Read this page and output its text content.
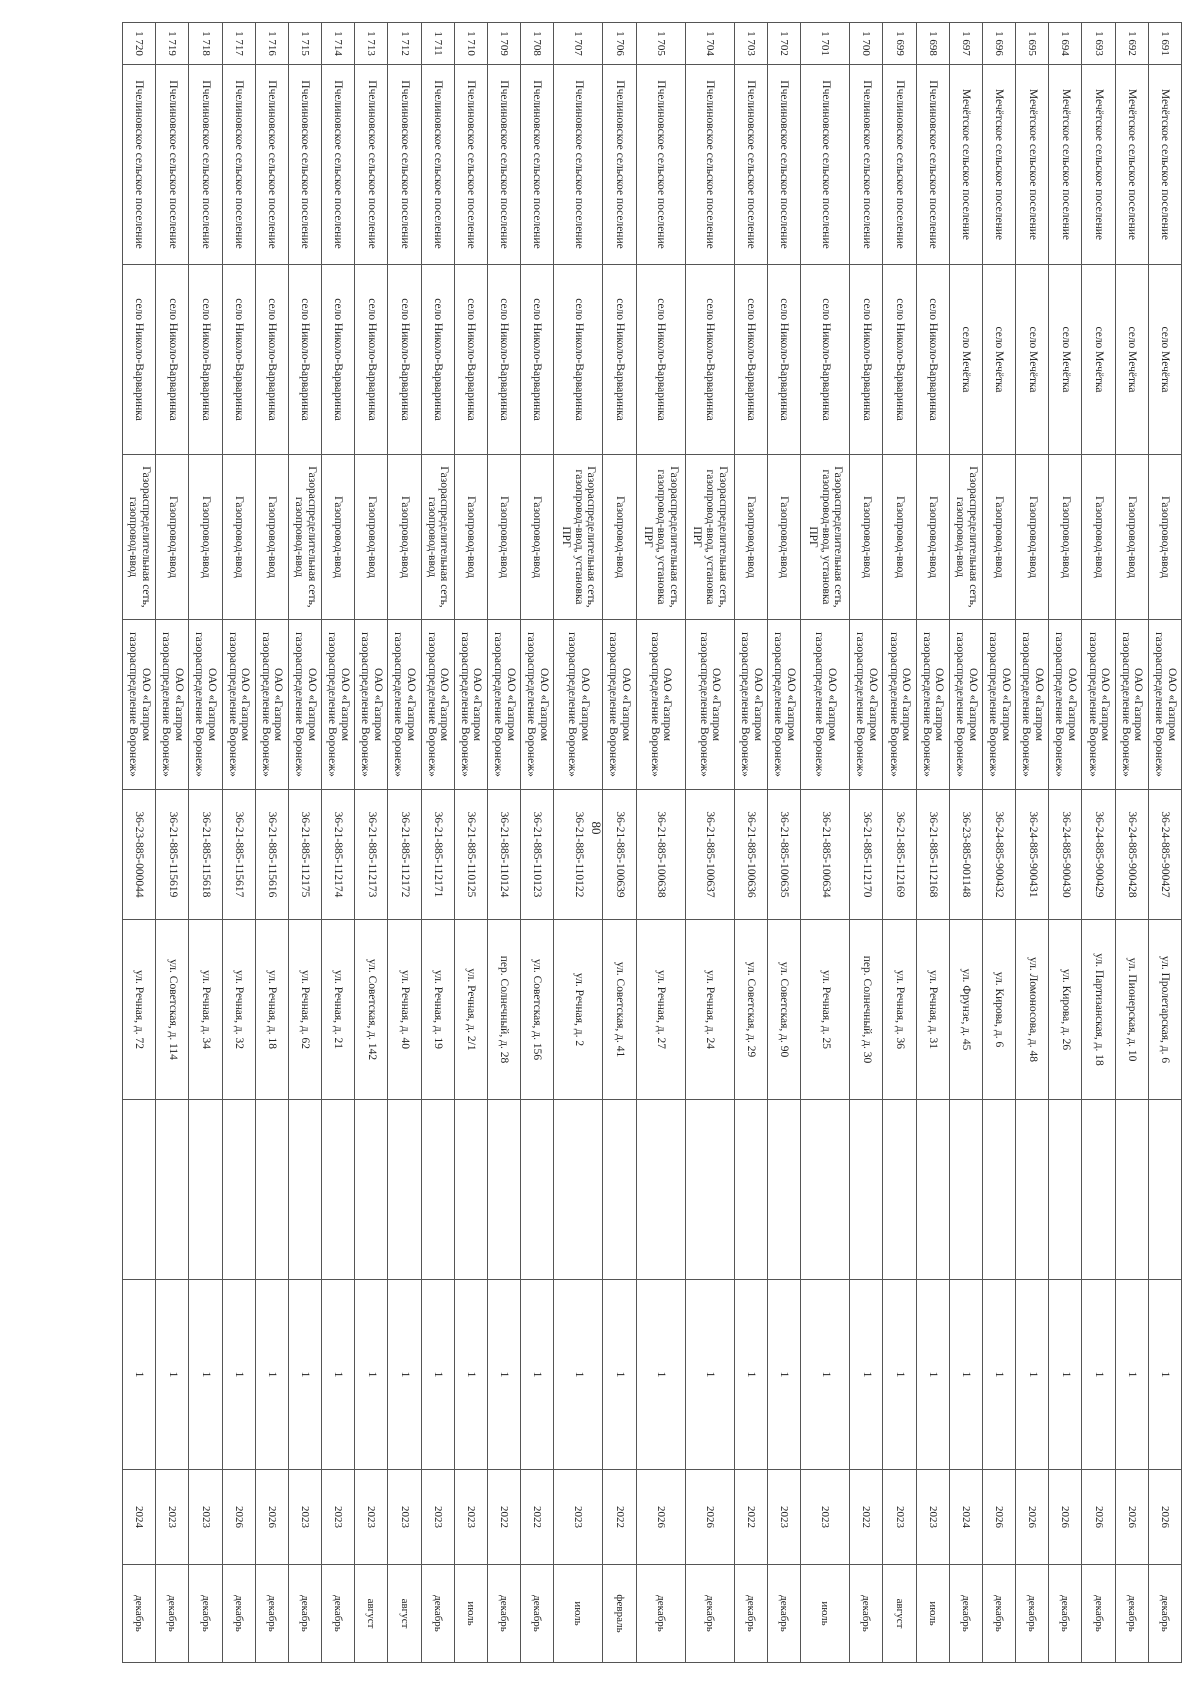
80
1 691	Мечётское сельское поселение	село Мечётка	Газопровод-ввод	ОАО «Газпром газораспределение Воронеж»	36-24-885-900427	ул. Пролетарская, д. 6		1	2026	декабрь
1 692	Мечётское сельское поселение	село Мечётка	Газопровод-ввод	ОАО «Газпром газораспределение Воронеж»	36-24-885-900428	ул. Пионерская, д. 10		1	2026	декабрь
1 693	Мечётское сельское поселение	село Мечётка	Газопровод-ввод	ОАО «Газпром газораспределение Воронеж»	36-24-885-900429	ул. Партизанская, д. 18		1	2026	декабрь
1 694	Мечётское сельское поселение	село Мечётка	Газопровод-ввод	ОАО «Газпром газораспределение Воронеж»	36-24-885-900430	ул. Кирова, д. 26		1	2026	декабрь
1 695	Мечётское сельское поселение	село Мечётка	Газопровод-ввод	ОАО «Газпром газораспределение Воронеж»	36-24-885-900431	ул. Ломоносова, д. 48		1	2026	декабрь
1 696	Мечётское сельское поселение	село Мечётка	Газопровод-ввод	ОАО «Газпром газораспределение Воронеж»	36-24-885-900432	ул. Кирова, д. 6		1	2026	декабрь
1 697	Мечётское сельское поселение	село Мечётка	Газораспределительная сеть, газопровод-ввод	ОАО «Газпром газораспределение Воронеж»	36-23-885-001148	ул. Фрунзе, д. 45		1	2024	декабрь
1 698	Пчелиновское сельское поселение	село Николо-Варваринка	Газопровод-ввод	ОАО «Газпром газораспределение Воронеж»	36-21-885-112168	ул. Речная, д. 31		1	2023	июль
1 699	Пчелиновское сельское поселение	село Николо-Варваринка	Газопровод-ввод	ОАО «Газпром газораспределение Воронеж»	36-21-885-112169	ул. Речная, д. 36		1	2023	август
1 700	Пчелиновское сельское поселение	село Николо-Варваринка	Газопровод-ввод	ОАО «Газпром газораспределение Воронеж»	36-21-885-112170	пер. Солнечный, д. 30		1	2022	декабрь
1 701	Пчелиновское сельское поселение	село Николо-Варваринка	Газораспределительная сеть, газопровод-ввод, установка ПРГ	ОАО «Газпром газораспределение Воронеж»	36-21-885-100634	ул. Речная, д. 25		1	2023	июль
1 702	Пчелиновское сельское поселение	село Николо-Варваринка	Газопровод-ввод	ОАО «Газпром газораспределение Воронеж»	36-21-885-100635	ул. Советская, д. 90		1	2023	декабрь
1 703	Пчелиновское сельское поселение	село Николо-Варваринка	Газопровод-ввод	ОАО «Газпром газораспределение Воронеж»	36-21-885-100636	ул. Советская, д. 29		1	2022	декабрь
1 704	Пчелиновское сельское поселение	село Николо-Варваринка	Газораспределительная сеть, газопровод-ввод, установка ПРГ	ОАО «Газпром газораспределение Воронеж»	36-21-885-100637	ул. Речная, д. 24		1	2026	декабрь
1 705	Пчелиновское сельское поселение	село Николо-Варваринка	Газораспределительная сеть, газопровод-ввод, установка ПРГ	ОАО «Газпром газораспределение Воронеж»	36-21-885-100638	ул. Речная, д. 27		1	2026	декабрь
1 706	Пчелиновское сельское поселение	село Николо-Варваринка	Газопровод-ввод	ОАО «Газпром газораспределение Воронеж»	36-21-885-100639	ул. Советская, д. 41		1	2022	февраль
1 707	Пчелиновское сельское поселение	село Николо-Варваринка	Газораспределительная сеть, газопровод-ввод, установка ПРГ	ОАО «Газпром газораспределение Воронеж»	36-21-885-110122	ул. Речная, д. 2		1	2023	июль
1 708	Пчелиновское сельское поселение	село Николо-Варваринка	Газопровод-ввод	ОАО «Газпром газораспределение Воронеж»	36-21-885-110123	ул. Советская, д. 156		1	2022	декабрь
1 709	Пчелиновское сельское поселение	село Николо-Варваринка	Газопровод-ввод	ОАО «Газпром газораспределение Воронеж»	36-21-885-110124	пер. Солнечный, д. 28		1	2022	декабрь
1 710	Пчелиновское сельское поселение	село Николо-Варваринка	Газопровод-ввод	ОАО «Газпром газораспределение Воронеж»	36-21-885-110125	ул. Речная, д. 2/1		1	2023	июль
1 711	Пчелиновское сельское поселение	село Николо-Варваринка	Газораспределительная сеть, газопровод-ввод	ОАО «Газпром газораспределение Воронеж»	36-21-885-112171	ул. Речная, д. 19		1	2023	декабрь
1 712	Пчелиновское сельское поселение	село Николо-Варваринка	Газопровод-ввод	ОАО «Газпром газораспределение Воронеж»	36-21-885-112172	ул. Речная, д. 40		1	2023	август
1 713	Пчелиновское сельское поселение	село Николо-Варваринка	Газопровод-ввод	ОАО «Газпром газораспределение Воронеж»	36-21-885-112173	ул. Советская, д. 142		1	2023	август
1 714	Пчелиновское сельское поселение	село Николо-Варваринка	Газопровод-ввод	ОАО «Газпром газораспределение Воронеж»	36-21-885-112174	ул. Речная, д. 21		1	2023	декабрь
1 715	Пчелиновское сельское поселение	село Николо-Варваринка	Газораспределительная сеть, газопровод-ввод	ОАО «Газпром газораспределение Воронеж»	36-21-885-112175	ул. Речная, д. 62		1	2023	декабрь
1 716	Пчелиновское сельское поселение	село Николо-Варваринка	Газопровод-ввод	ОАО «Газпром газораспределение Воронеж»	36-21-885-115616	ул. Речная, д. 18		1	2026	декабрь
1 717	Пчелиновское сельское поселение	село Николо-Варваринка	Газопровод-ввод	ОАО «Газпром газораспределение Воронеж»	36-21-885-115617	ул. Речная, д. 32		1	2026	декабрь
1 718	Пчелиновское сельское поселение	село Николо-Варваринка	Газопровод-ввод	ОАО «Газпром газораспределение Воронеж»	36-21-885-115618	ул. Речная, д. 34		1	2023	декабрь
1 719	Пчелиновское сельское поселение	село Николо-Варваринка	Газопровод-ввод	ОАО «Газпром газораспределение Воронеж»	36-21-885-115619	ул. Советская, д. 114		1	2023	декабрь
1 720	Пчелиновское сельское поселение	село Николо-Варваринка	Газораспределительная сеть, газопровод-ввод	ОАО «Газпром газораспределение Воронеж»	36-23-885-000044	ул. Речная, д. 72		1	2024	декабрь
